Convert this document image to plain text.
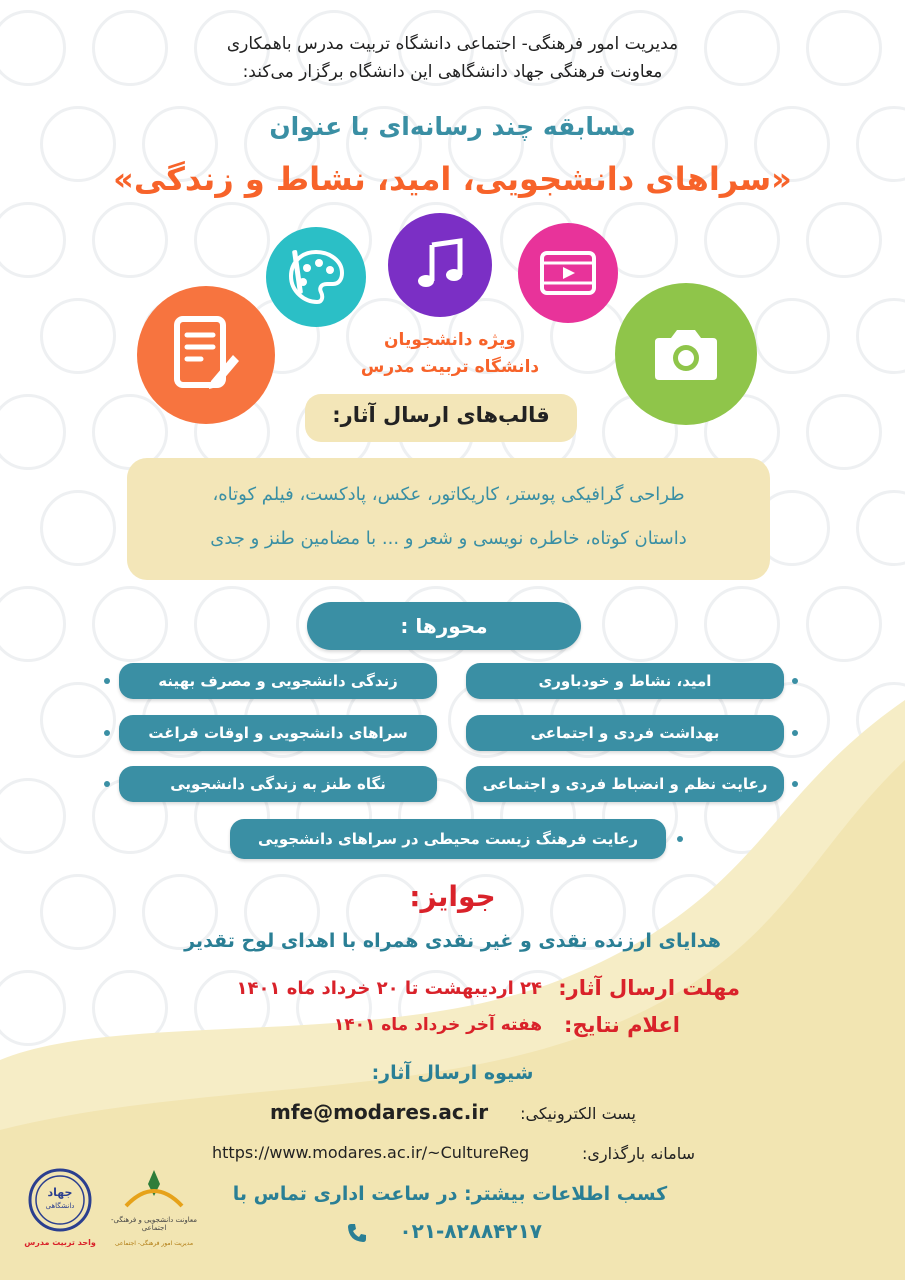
مدیریت امور فرهنگی- اجتماعی دانشگاه تربیت مدرس باهمکاری
معاونت فرهنگی جهاد دانشگاهی این دانشگاه برگزار می‌کند:
مسابقه چند رسانه‌ای با عنوان
«سراهای دانشجویی، امید، نشاط و زندگی»
ویژه دانشجویان
دانشگاه تربیت مدرس
قالب‌های ارسال آثار:
طراحی گرافیکی پوستر، کاریکاتور، عکس، پادکست، فیلم کوتاه،
داستان کوتاه، خاطره نویسی و شعر و ... با مضامین طنز و جدی
محورها :
امید، نشاط و خودباوری
زندگی دانشجویی و مصرف بهینه
بهداشت فردی و اجتماعی
سراهای دانشجویی و اوقات فراغت
رعایت نظم و انضباط فردی و اجتماعی
نگاه طنز به زندگی دانشجویی
رعایت فرهنگ زیست محیطی در سراهای دانشجویی
جوایز:
هدایای ارزنده نقدی و غیر نقدی همراه با اهدای لوح تقدیر
مهلت ارسال آثار:
۲۴ اردیبهشت تا ۲۰ خرداد ماه ۱۴۰۱
اعلام نتایج:
هفته آخر خرداد ماه ۱۴۰۱
شیوه ارسال آثار:
پست الکترونیکی:
mfe@modares.ac.ir
سامانه بارگذاری:
https://www.modares.ac.ir/~CultureReg
کسب اطلاعات بیشتر: در ساعت اداری تماس با
۰۲۱-۸۲۸۸۴۲۱۷
جهاد
دانشگاهی
واحد تربیت مدرس
معاونت دانشجویی و فرهنگی- اجتماعی
مدیریت امور فرهنگی- اجتماعی
